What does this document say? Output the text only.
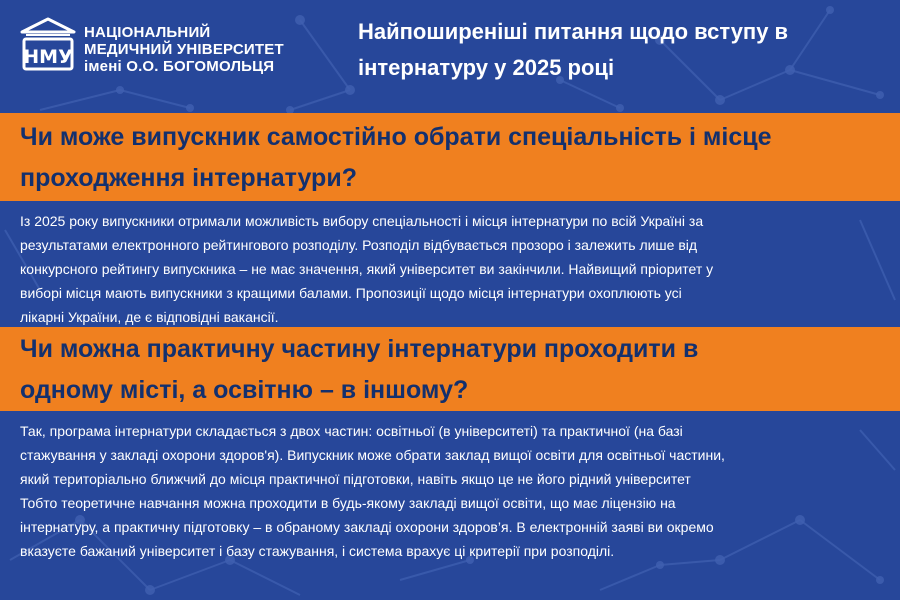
НМУ
НАЦІОНАЛЬНИЙ
МЕДИЧНИЙ УНІВЕРСИТЕТ
імені О.О. БОГОМОЛЬЦЯ
Найпоширеніші питання щодо вступу в
інтернатуру у 2025 році
Чи може випускник самостійно обрати спеціальність і місце
проходження інтернатури?
Із 2025 року випускники отримали можливість вибору спеціальності і місця інтернатури по всій Україні за
результатами електронного рейтингового розподілу. Розподіл відбувається прозоро і залежить лише від
конкурсного рейтингу випускника – не має значення, який університет ви закінчили. Найвищий пріоритет у
виборі місця мають випускники з кращими балами. Пропозиції щодо місця інтернатури охоплюють усі
лікарні України, де є відповідні вакансії.
Чи можна практичну частину інтернатури проходити в
одному місті, а освітню – в іншому?
Так, програма інтернатури складається з двох частин: освітньої (в університеті) та практичної (на базі
стажування у закладі охорони здоров'я). Випускник може обрати заклад вищої освіти для освітньої частини,
який територіально ближчий до місця практичної підготовки, навіть якщо це не його рідний університет
Тобто теоретичне навчання можна проходити в будь-якому закладі вищої освіти, що має ліцензію на
інтернатуру, а практичну підготовку – в обраному закладі охорони здоров’я. В електронній заяві ви окремо
вказуєте бажаний університет і базу стажування, і система врахує ці критерії при розподілі.
